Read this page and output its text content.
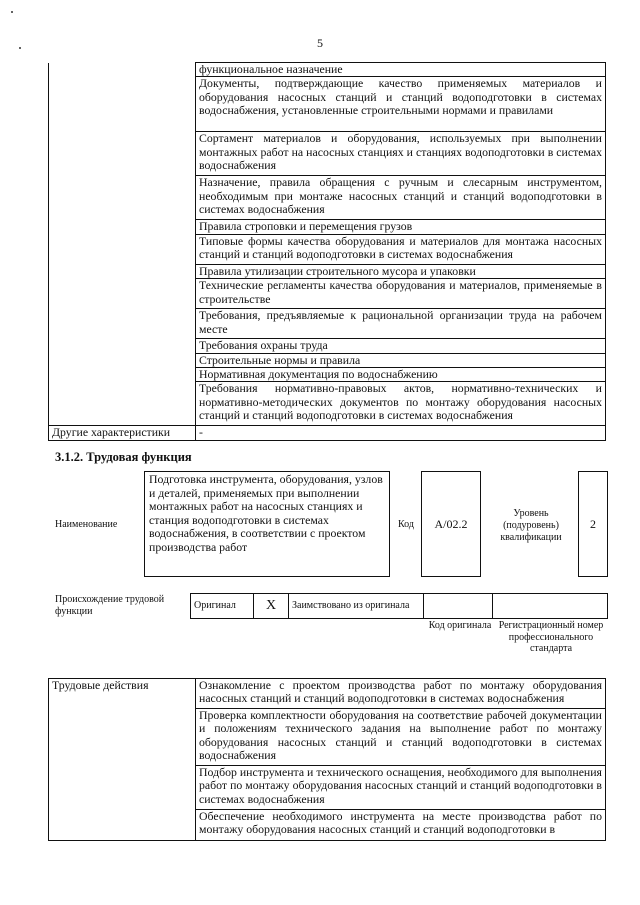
5
	функциональное назначение
	Документы, подтверждающие качество применяемых материалов и оборудования насосных станций и станций водоподготовки в системах водоснабжения, установленные строительными нормами и правилами
	Сортамент материалов и оборудования, используемых при выполнении монтажных работ на насосных станциях и станциях водоподготовки в системах водоснабжения
	Назначение, правила обращения с ручным и слесарным инструментом, необходимым при монтаже насосных станций и станций водоподготовки в системах водоснабжения
	Правила строповки и перемещения грузов
	Типовые формы качества оборудования и материалов для монтажа насосных станций и станций водоподготовки в системах водоснабжения
	Правила утилизации строительного мусора и упаковки
	Технические регламенты качества оборудования и материалов, применяемые в строительстве
	Требования, предъявляемые к рациональной организации труда на рабочем месте
	Требования охраны труда
	Строительные нормы и правила
	Нормативная документация по водоснабжению
	Требования нормативно-правовых актов, нормативно-технических и нормативно-методических документов по монтажу оборудования насосных станций и станций водоподготовки в системах водоснабжения
Другие характеристики	-
3.1.2. Трудовая функция
Наименование
Подготовка инструмента, оборудования, узлов и деталей, применяемых при выполнении монтажных работ на насосных станциях и станция водоподготовки в системах водоснабжения, в соответствии с проектом производства работ
Код	А/02.2
Уровень (подуровень) квалификации
2
Происхождение трудовой функции	Оригинал	X	Заимствовано из оригинала		
Код оригинала Регистрационный номер профессионального стандарта
Трудовые действия	Ознакомление с проектом производства работ по монтажу оборудования насосных станций и станций водоподготовки в системах водоснабжения
Проверка комплектности оборудования на соответствие рабочей документации и положениям технического задания на выполнение работ по монтажу оборудования насосных станций и станций водоподготовки в системах водоснабжения
Подбор инструмента и технического оснащения, необходимого для выполнения работ по монтажу оборудования насосных станций и станций водоподготовки в системах водоснабжения
Обеспечение необходимого инструмента на месте производства работ по монтажу оборудования насосных станций и станций водоподготовки в
